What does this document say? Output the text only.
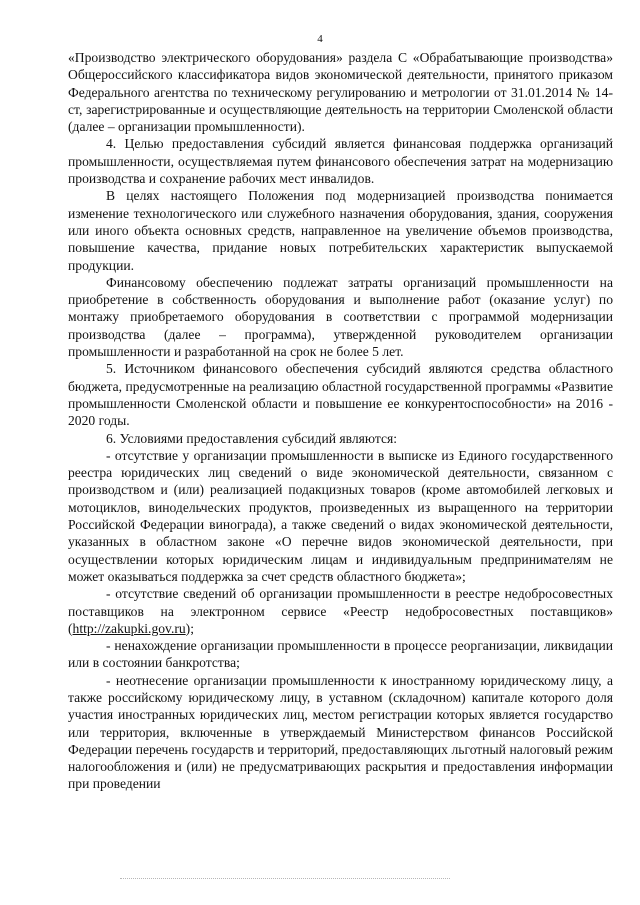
4

«Производство электрического оборудования» раздела С «Обрабатывающие производства» Общероссийского классификатора видов экономической деятельности, принятого приказом Федерального агентства по техническому регулированию и метрологии от 31.01.2014 № 14-ст, зарегистрированные и осуществляющие деятельность на территории Смоленской области (далее – организации промышленности).

4. Целью предоставления субсидий является финансовая поддержка организаций промышленности, осуществляемая путем финансового обеспечения затрат на модернизацию производства и сохранение рабочих мест инвалидов.

В целях настоящего Положения под модернизацией производства понимается изменение технологического или служебного назначения оборудования, здания, сооружения или иного объекта основных средств, направленное на увеличение объемов производства, повышение качества, придание новых потребительских характеристик выпускаемой продукции.

Финансовому обеспечению подлежат затраты организаций промышленности на приобретение в собственность оборудования и выполнение работ (оказание услуг) по монтажу приобретаемого оборудования в соответствии с программой модернизации производства (далее – программа), утвержденной руководителем организации промышленности и разработанной на срок не более 5 лет.

5. Источником финансового обеспечения субсидий являются средства областного бюджета, предусмотренные на реализацию областной государственной программы «Развитие промышленности Смоленской области и повышение ее конкурентоспособности» на 2016 - 2020 годы.

6. Условиями предоставления субсидий являются:

- отсутствие у организации промышленности в выписке из Единого государственного реестра юридических лиц сведений о виде экономической деятельности, связанном с производством и (или) реализацией подакцизных товаров (кроме автомобилей легковых и мотоциклов, винодельческих продуктов, произведенных из выращенного на территории Российской Федерации винограда), а также сведений о видах экономической деятельности, указанных в областном законе «О перечне видов экономической деятельности, при осуществлении которых юридическим лицам и индивидуальным предпринимателям не может оказываться поддержка за счет средств областного бюджета»;

- отсутствие сведений об организации промышленности в реестре недобросовестных поставщиков на электронном сервисе «Реестр недобросовестных поставщиков» (http://zakupki.gov.ru);

- ненахождение организации промышленности в процессе реорганизации, ликвидации или в состоянии банкротства;

- неотнесение организации промышленности к иностранному юридическому лицу, а также российскому юридическому лицу, в уставном (складочном) капитале которого доля участия иностранных юридических лиц, местом регистрации которых является государство или территория, включенные в утверждаемый Министерством финансов Российской Федерации перечень государств и территорий, предоставляющих льготный налоговый режим налогообложения и (или) не предусматривающих раскрытия и предоставления информации при проведении
